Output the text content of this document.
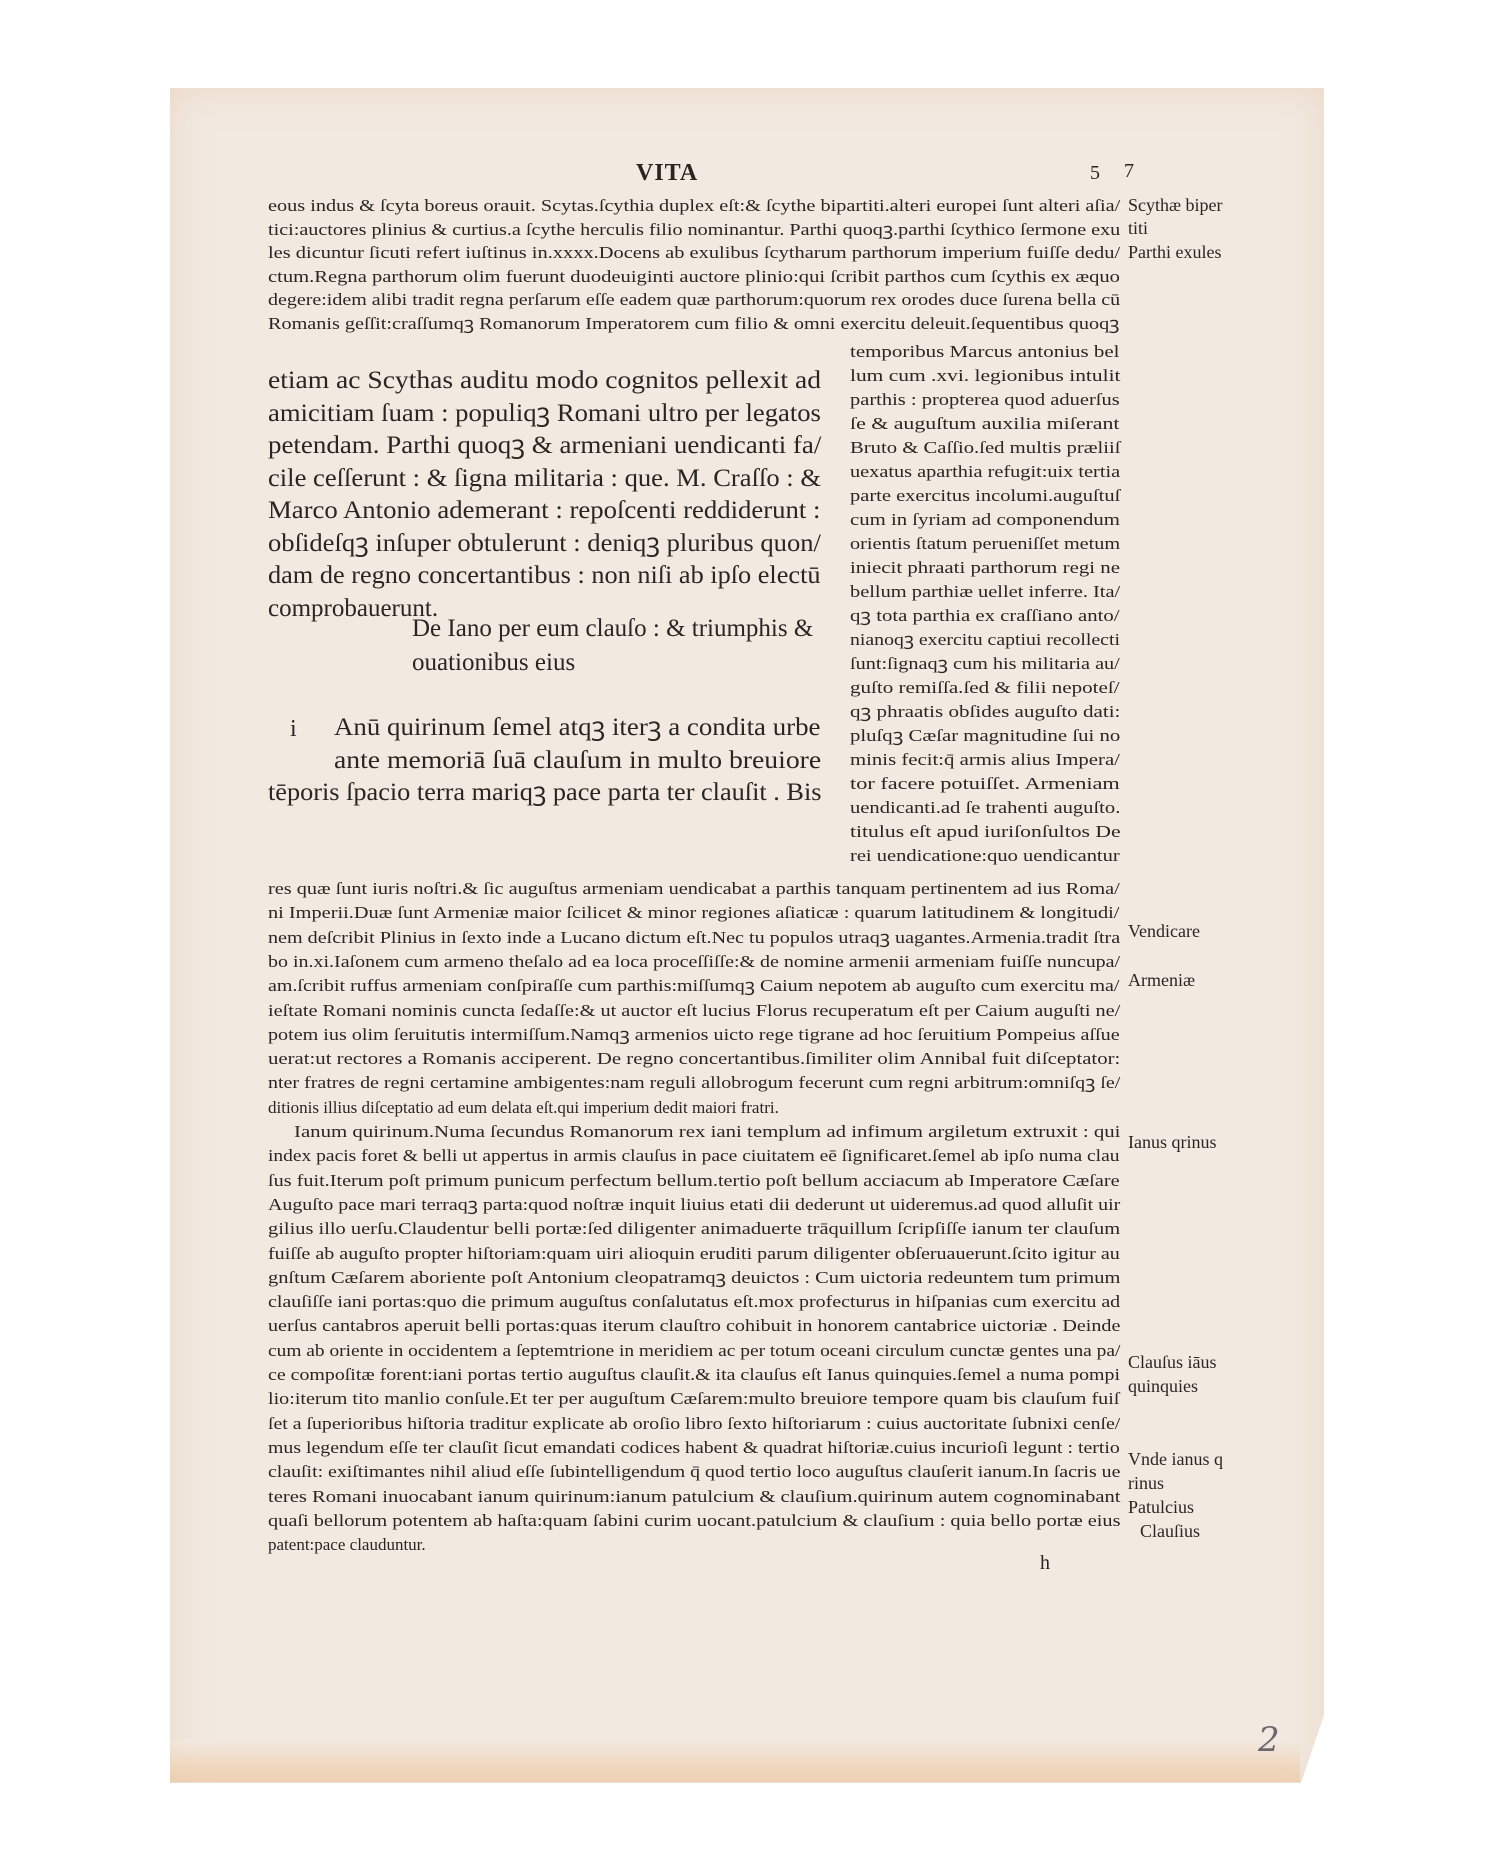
VITA	5 7
eous indus & ſcyta boreus orauit. Scytas.ſcythia duplex eſt:& ſcythe bipartiti.alteri europei ſunt alteri aſia/
tici:auctores plinius & curtius.a ſcythe herculis filio nominantur. Parthi quoqꝫ.parthi ſcythico ſermone exu
les dicuntur ſicuti refert iuſtinus in.xxxx.Docens ab exulibus ſcytharum parthorum imperium fuiſſe dedu/
ctum.Regna parthorum olim fuerunt duodeuiginti auctore plinio:qui ſcribit parthos cum ſcythis ex æquo
degere:idem alibi tradit regna perſarum eſſe eadem quæ parthorum:quorum rex orodes duce ſurena bella cū
Romanis geſſit:craſſumqꝫ Romanorum Imperatorem cum filio & omni exercitu deleuit.ſequentibus quoqꝫ
etiam ac Scythas auditu modo cognitos pellexit ad
amicitiam ſuam : populiqꝫ Romani ultro per legatos
petendam. Parthi quoqꝫ & armeniani uendicanti fa/
cile ceſſerunt : & ſigna militaria : que. M. Craſſo : &
Marco Antonio ademerant : repoſcenti reddiderunt :
obſideſqꝫ inſuper obtulerunt : deniqꝫ pluribus quon/
dam de regno concertantibus : non niſi ab ipſo electū
comprobauerunt.
De Iano per eum clauſo : & triumphis &
ouationibus eius
Anū quirinum ſemel atqꝫ iterꝫ a condita urbe
ante memoriā ſuā clauſum in multo breuiore
tēporis ſpacio terra mariqꝫ pace parta ter clauſit . Bis
temporibus Marcus antonius bel
lum cum .xvi. legionibus intulit
parthis : propterea quod aduerſus
ſe & auguſtum auxilia miſerant
Bruto & Caſſio.ſed multis præliiſ
uexatus aparthia refugit:uix tertia
parte exercitus incolumi.auguſtuſ
cum in ſyriam ad componendum
orientis ſtatum perueniſſet metum
iniecit phraati parthorum regi ne
bellum parthiæ uellet inferre. Ita/
qꝫ tota parthia ex craſſiano anto/
nianoqꝫ exercitu captiui recollecti
ſunt:ſignaqꝫ cum his militaria au/
guſto remiſſa.ſed & filii nepoteſ/
qꝫ phraatis obſides auguſto dati:
pluſqꝫ Cæſar magnitudine ſui no
minis fecit:q̄ armis alius Impera/
tor facere potuiſſet. Armeniam
uendicanti.ad ſe trahenti auguſto.
titulus eſt apud iuriſonſultos De
rei uendicatione:quo uendicantur
res quæ ſunt iuris noſtri.& ſic auguſtus armeniam uendicabat a parthis tanquam pertinentem ad ius Roma/
ni Imperii.Duæ ſunt Armeniæ maior ſcilicet & minor regiones aſiaticæ : quarum latitudinem & longitudi/
nem deſcribit Plinius in ſexto inde a Lucano dictum eſt.Nec tu populos utraqꝫ uagantes.Armenia.tradit ſtra
bo in.xi.Iaſonem cum armeno theſalo ad ea loca proceſſiſſe:& de nomine armenii armeniam fuiſſe nuncupa/
am.ſcribit ruffus armeniam conſpiraſſe cum parthis:miſſumqꝫ Caium nepotem ab auguſto cum exercitu ma/
ieſtate Romani nominis cuncta ſedaſſe:& ut auctor eſt lucius Florus recuperatum eſt per Caium auguſti ne/
potem ius olim ſeruitutis intermiſſum.Namqꝫ armenios uicto rege tigrane ad hoc ſeruitium Pompeius aſſue
uerat:ut rectores a Romanis acciperent. De regno concertantibus.ſimiliter olim Annibal fuit diſceptator:
nter fratres de regni certamine ambigentes:nam reguli allobrogum fecerunt cum regni arbitrum:omniſqꝫ ſe/
ditionis illius diſceptatio ad eum delata eſt.qui imperium dedit maiori fratri.
Ianum quirinum.Numa ſecundus Romanorum rex iani templum ad infimum argiletum extruxit : qui
index pacis foret & belli ut appertus in armis clauſus in pace ciuitatem eē ſignificaret.ſemel ab ipſo numa clau
ſus fuit.Iterum poſt primum punicum perfectum bellum.tertio poſt bellum acciacum ab Imperatore Cæſare
Auguſto pace mari terraqꝫ parta:quod noſtræ inquit liuius etati dii dederunt ut uideremus.ad quod alluſit uir
gilius illo uerſu.Claudentur belli portæ:ſed diligenter animaduerte trāquillum ſcripſiſſe ianum ter clauſum
fuiſſe ab auguſto propter hiſtoriam:quam uiri alioquin eruditi parum diligenter obſeruauerunt.ſcito igitur au
gnſtum Cæſarem aboriente poſt Antonium cleopatramqꝫ deuictos : Cum uictoria redeuntem tum primum
clauſiſſe iani portas:quo die primum auguſtus conſalutatus eſt.mox profecturus in hiſpanias cum exercitu ad
uerſus cantabros aperuit belli portas:quas iterum clauſtro cohibuit in honorem cantabrice uictoriæ . Deinde
cum ab oriente in occidentem a ſeptemtrione in meridiem ac per totum oceani circulum cunctæ gentes una pa/
ce compoſitæ forent:iani portas tertio auguſtus clauſit.& ita clauſus eſt Ianus quinquies.ſemel a numa pompi
lio:iterum tito manlio conſule.Et ter per auguſtum Cæſarem:multo breuiore tempore quam bis clauſum fuiſ
ſet a ſuperioribus hiſtoria traditur explicate ab oroſio libro ſexto hiſtoriarum : cuius auctoritate ſubnixi cenſe/
mus legendum eſſe ter clauſit ſicut emandati codices habent & quadrat hiſtoriæ.cuius incurioſi legunt : tertio
clauſit: exiſtimantes nihil aliud eſſe ſubintelligendum q̄ quod tertio loco auguſtus clauſerit ianum.In ſacris ue
teres Romani inuocabant ianum quirinum:ianum patulcium & clauſium.quirinum autem cognominabant
quaſi bellorum potentem ab haſta:quam ſabini curim uocant.patulcium & clauſium : quia bello portæ eius
patent:pace clauduntur.
Scythæ biper
titi
Parthi exules
Vendicare
Armeniæ
Ianus qrinus
Clauſus iāus
quinquies
Vnde ianus q
rinus
Patulcius
Clauſius
i
h
2
